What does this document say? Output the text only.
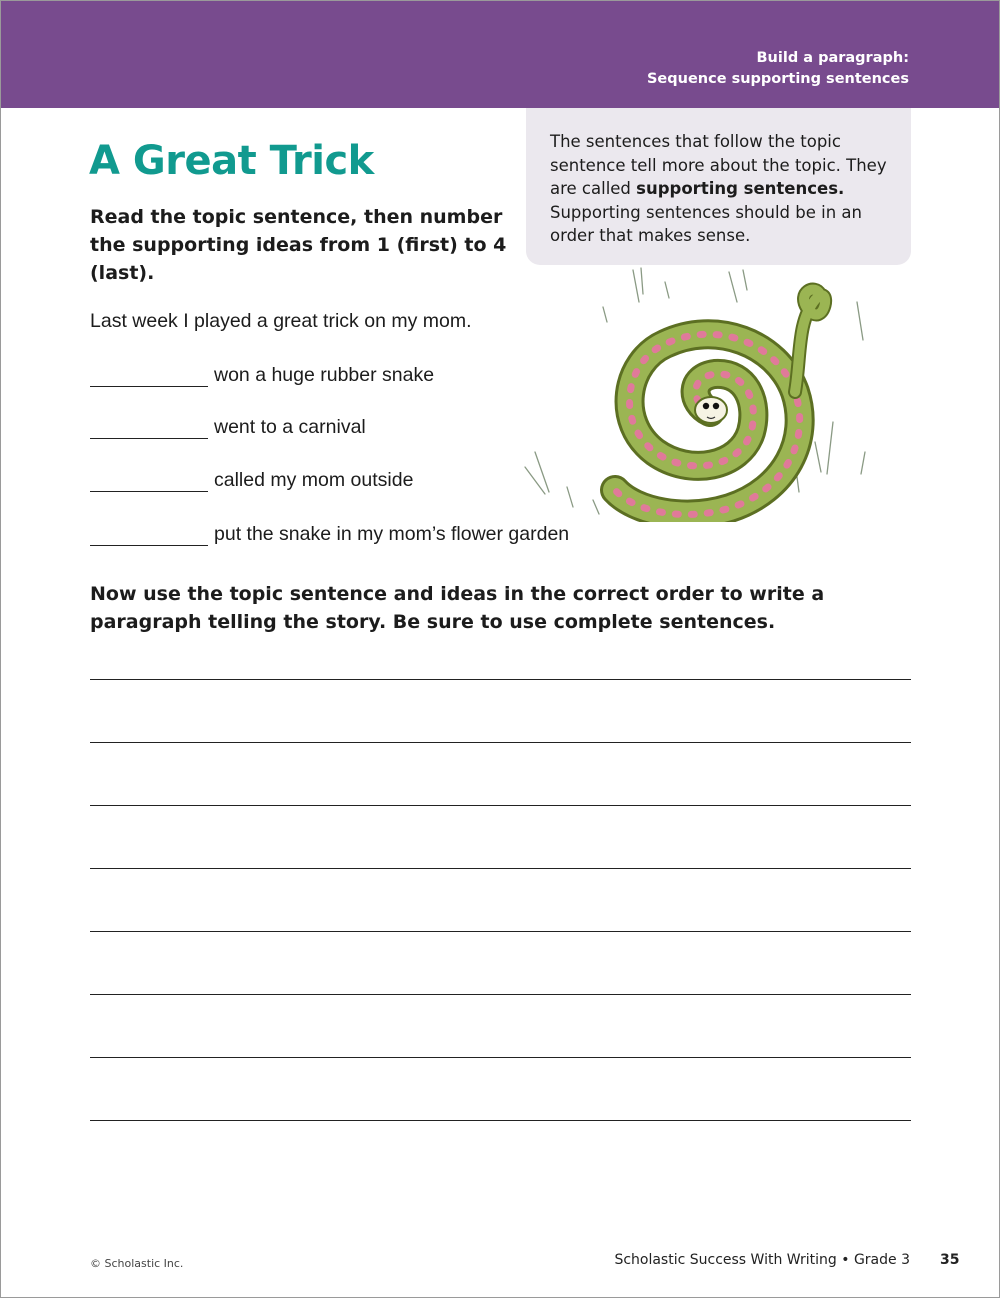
Build a paragraph:
Sequence supporting sentences
A Great Trick

Read the topic sentence, then number the supporting ideas from 1 (first) to 4 (last).

The sentences that follow the topic sentence tell more about the topic. They are called supporting sentences. Supporting sentences should be in an order that makes sense.

Last week I played a great trick on my mom.

won a huge rubber snake
went to a carnival
called my mom outside
put the snake in my mom’s flower garden

Now use the topic sentence and ideas in the correct order to write a paragraph telling the story. Be sure to use complete sentences.

© Scholastic Inc.	Scholastic Success With Writing • Grade 3 35
